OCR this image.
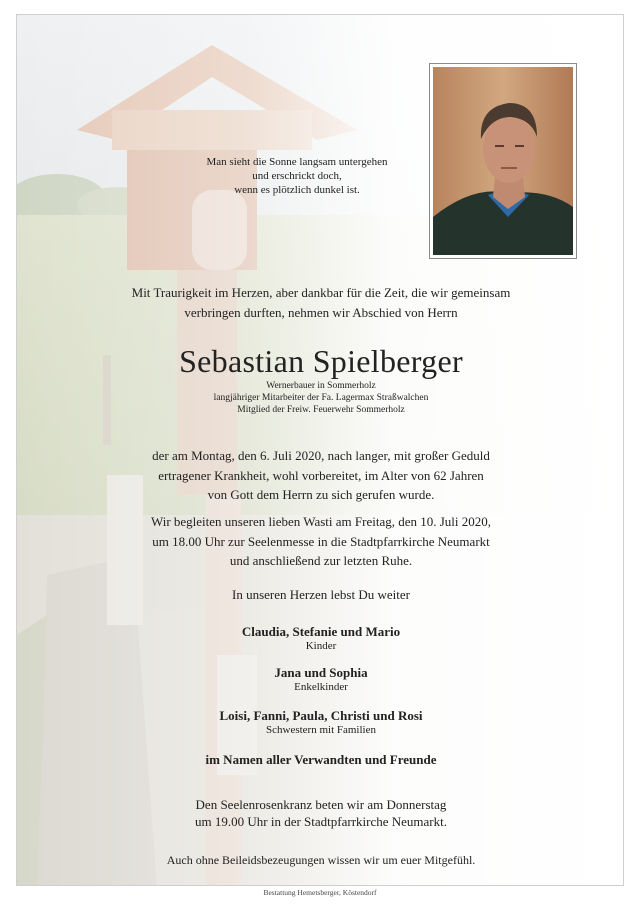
Man sieht die Sonne langsam untergehen
und erschrickt doch,
wenn es plötzlich dunkel ist.
Mit Traurigkeit im Herzen, aber dankbar für die Zeit, die wir gemeinsam
verbringen durften, nehmen wir Abschied von Herrn
Sebastian Spielberger
Wernerbauer in Sommerholz
langjähriger Mitarbeiter der Fa. Lagermax Straßwalchen
Mitglied der Freiw. Feuerwehr Sommerholz
der am Montag, den 6. Juli 2020, nach langer, mit großer Geduld
ertragener Krankheit, wohl vorbereitet, im Alter von 62 Jahren
von Gott dem Herrn zu sich gerufen wurde.
Wir begleiten unseren lieben Wasti am Freitag, den 10. Juli 2020,
um 18.00 Uhr zur Seelenmesse in die Stadtpfarrkirche Neumarkt
und anschließend zur letzten Ruhe.
In unseren Herzen lebst Du weiter
Claudia, Stefanie und Mario
Kinder
Jana und Sophia
Enkelkinder
Loisi, Fanni, Paula, Christi und Rosi
Schwestern mit Familien
im Namen aller Verwandten und Freunde
Den Seelenrosenkranz beten wir am Donnerstag
um 19.00 Uhr in der Stadtpfarrkirche Neumarkt.
Auch ohne Beileidsbezeugungen wissen wir um euer Mitgefühl.
Bestattung Hemetsberger, Köstendorf
